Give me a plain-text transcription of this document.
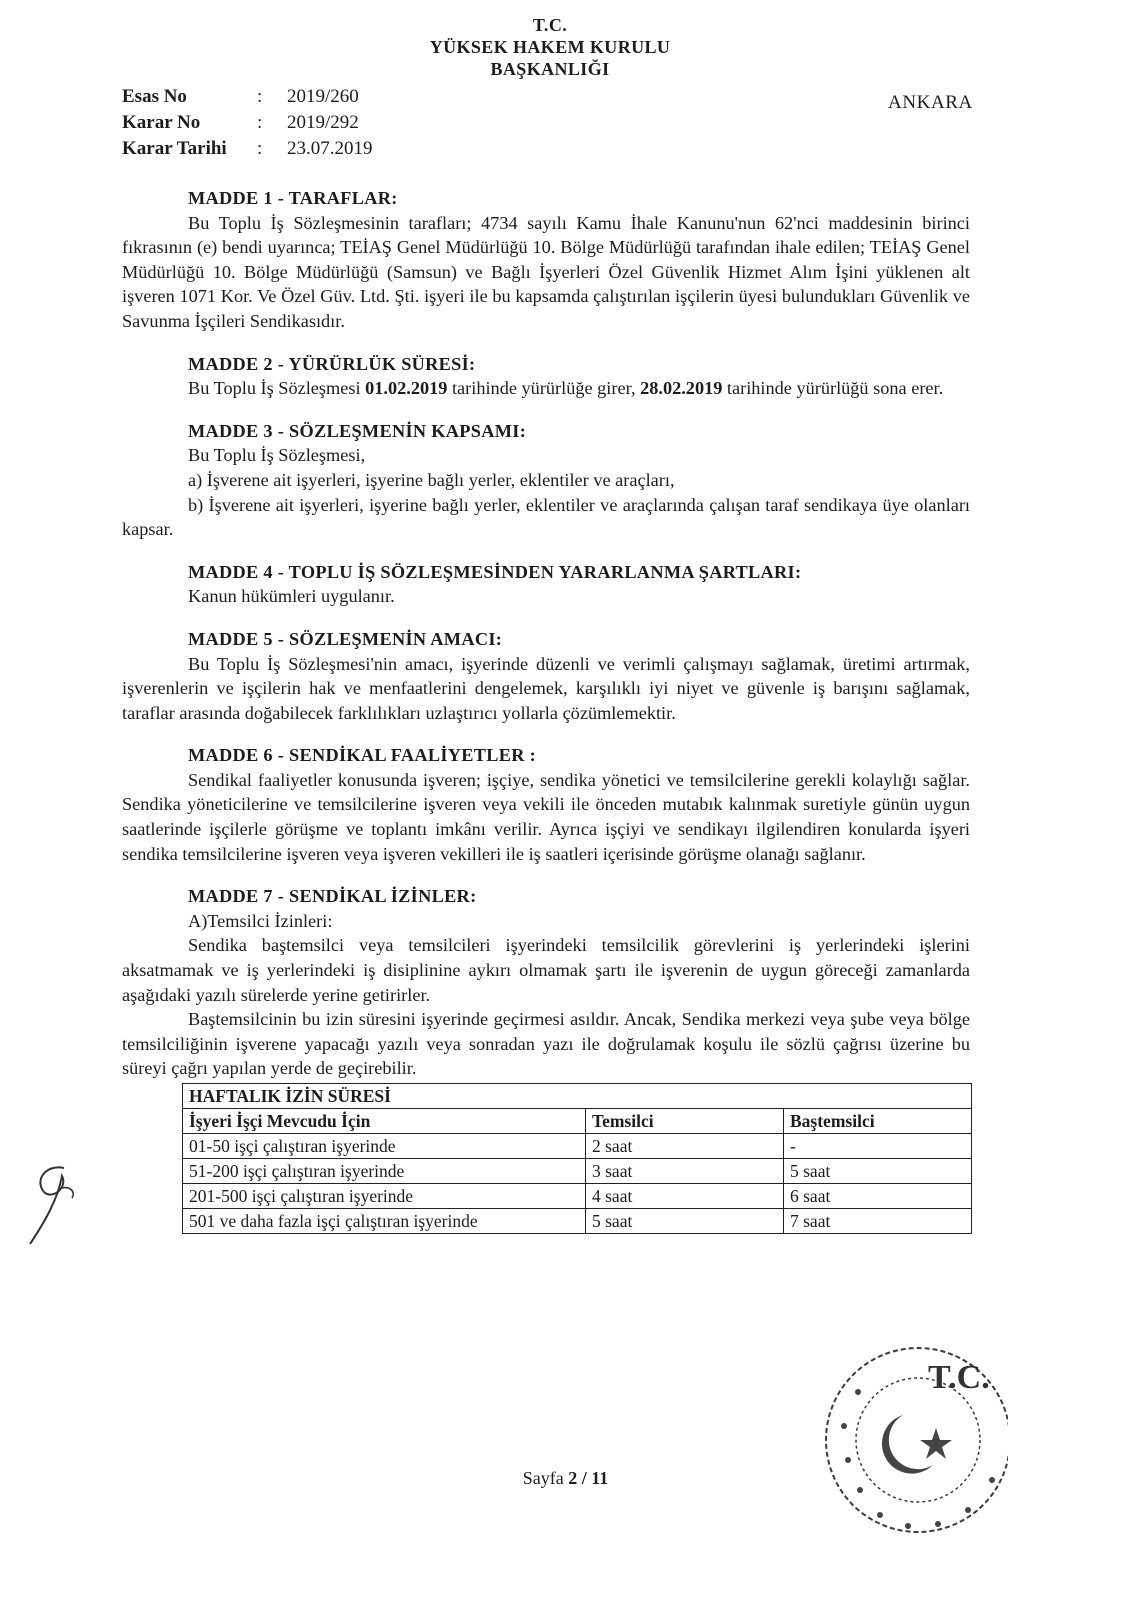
T.C.
YÜKSEK HAKEM KURULU
BAŞKANLIĞI
ANKARA
Esas No	:	2019/260
Karar No	:	2019/292
Karar Tarihi	:	23.07.2019
MADDE 1 - TARAFLAR:
Bu Toplu İş Sözleşmesinin tarafları; 4734 sayılı Kamu İhale Kanunu'nun 62'nci maddesinin birinci fıkrasının (e) bendi uyarınca; TEİAŞ Genel Müdürlüğü 10. Bölge Müdürlüğü tarafından ihale edilen; TEİAŞ Genel Müdürlüğü 10. Bölge Müdürlüğü (Samsun) ve Bağlı İşyerleri Özel Güvenlik Hizmet Alım İşini yüklenen alt işveren 1071 Kor. Ve Özel Güv. Ltd. Şti. işyeri ile bu kapsamda çalıştırılan işçilerin üyesi bulundukları Güvenlik ve Savunma İşçileri Sendikasıdır.
MADDE 2 - YÜRÜRLÜK SÜRESİ:
Bu Toplu İş Sözleşmesi 01.02.2019 tarihinde yürürlüğe girer, 28.02.2019 tarihinde yürürlüğü sona erer.
MADDE 3 - SÖZLEŞMENİN KAPSAMI:
Bu Toplu İş Sözleşmesi,
a) İşverene ait işyerleri, işyerine bağlı yerler, eklentiler ve araçları,
b) İşverene ait işyerleri, işyerine bağlı yerler, eklentiler ve araçlarında çalışan taraf sendikaya üye olanları kapsar.
MADDE 4 - TOPLU İŞ SÖZLEŞMESİNDEN YARARLANMA ŞARTLARI:
Kanun hükümleri uygulanır.
MADDE 5 - SÖZLEŞMENİN AMACI:
Bu Toplu İş Sözleşmesi'nin amacı, işyerinde düzenli ve verimli çalışmayı sağlamak, üretimi artırmak, işverenlerin ve işçilerin hak ve menfaatlerini dengelemek, karşılıklı iyi niyet ve güvenle iş barışını sağlamak, taraflar arasında doğabilecek farklılıkları uzlaştırıcı yollarla çözümlemektir.
MADDE 6 - SENDİKAL FAALİYETLER :
Sendikal faaliyetler konusunda işveren; işçiye, sendika yönetici ve temsilcilerine gerekli kolaylığı sağlar. Sendika yöneticilerine ve temsilcilerine işveren veya vekili ile önceden mutabık kalınmak suretiyle günün uygun saatlerinde işçilerle görüşme ve toplantı imkânı verilir. Ayrıca işçiyi ve sendikayı ilgilendiren konularda işyeri sendika temsilcilerine işveren veya işveren vekilleri ile iş saatleri içerisinde görüşme olanağı sağlanır.
MADDE 7 - SENDİKAL İZİNLER:
A)Temsilci İzinleri:
Sendika baştemsilci veya temsilcileri işyerindeki temsilcilik görevlerini iş yerlerindeki işlerini aksatmamak ve iş yerlerindeki iş disiplinine aykırı olmamak şartı ile işverenin de uygun göreceği zamanlarda aşağıdaki yazılı sürelerde yerine getirirler.
Baştemsilcinin bu izin süresini işyerinde geçirmesi asıldır. Ancak, Sendika merkezi veya şube veya bölge temsilciliğinin işverene yapacağı yazılı veya sonradan yazı ile doğrulamak koşulu ile sözlü çağrısı üzerine bu süreyi çağrı yapılan yerde de geçirebilir.
HAFTALIK İZİN SÜRESİ		
İşyeri İşçi Mevcudu İçin	Temsilci	Baştemsilci
01-50 işçi çalıştıran işyerinde	2 saat	-
51-200 işçi çalıştıran işyerinde	3 saat	5 saat
201-500 işçi çalıştıran işyerinde	4 saat	6 saat
501 ve daha fazla işçi çalıştıran işyerinde	5 saat	7 saat
Sayfa 2 / 11
T.C.
